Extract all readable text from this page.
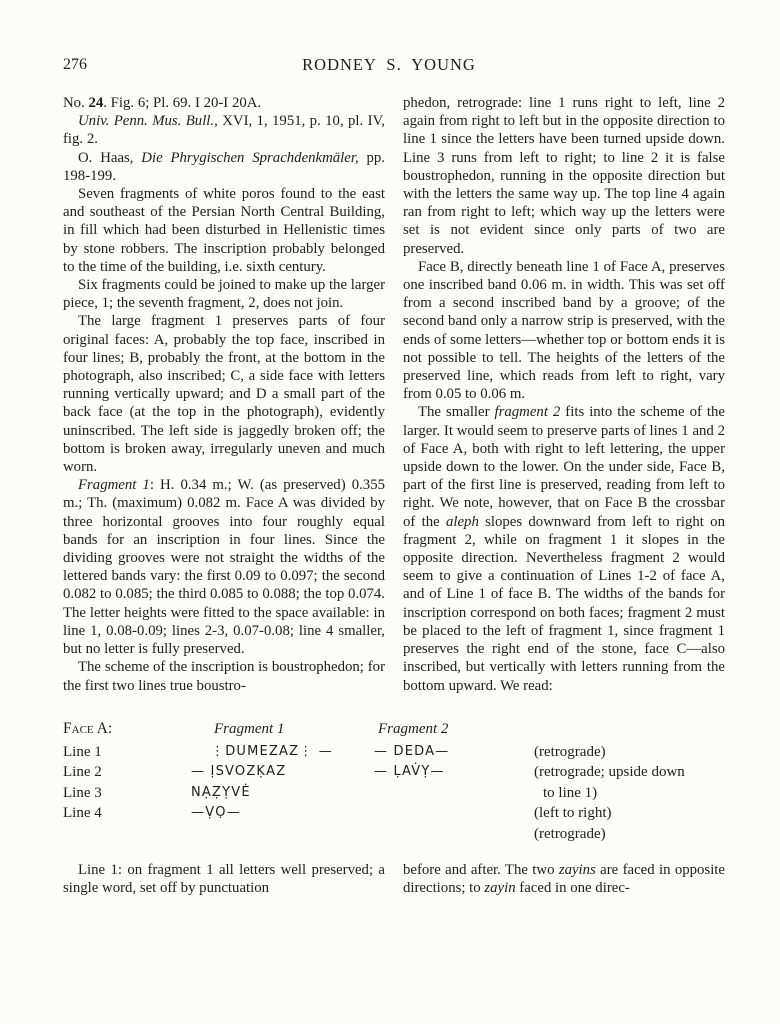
276	RODNEY S. YOUNG

No. 24. Fig. 6; Pl. 69. I 20-I 20A.

Univ. Penn. Mus. Bull., XVI, 1, 1951, p. 10, pl. IV, fig. 2.

O. Haas, Die Phrygischen Sprachdenkmäler, pp. 198-199.

Seven fragments of white poros found to the east and southeast of the Persian North Central Building, in fill which had been disturbed in Hellenistic times by stone robbers. The inscription probably belonged to the time of the building, i.e. sixth century.

Six fragments could be joined to make up the larger piece, 1; the seventh fragment, 2, does not join.

The large fragment 1 preserves parts of four original faces: A, probably the top face, inscribed in four lines; B, probably the front, at the bottom in the photograph, also inscribed; C, a side face with letters running vertically upward; and D a small part of the back face (at the top in the photograph), evidently uninscribed. The left side is jaggedly broken off; the bottom is broken away, irregularly uneven and much worn.

Fragment 1: H. 0.34 m.; W. (as preserved) 0.355 m.; Th. (maximum) 0.082 m. Face A was divided by three horizontal grooves into four roughly equal bands for an inscription in four lines. Since the dividing grooves were not straight the widths of the lettered bands vary: the first 0.09 to 0.097; the second 0.082 to 0.085; the third 0.085 to 0.088; the top 0.074. The letter heights were fitted to the space available: in line 1, 0.08-0.09; lines 2-3, 0.07-0.08; line 4 smaller, but no letter is fully preserved.

The scheme of the inscription is boustrophedon; for the first two lines true boustro-

phedon, retrograde: line 1 runs right to left, line 2 again from right to left but in the opposite direction to line 1 since the letters have been turned upside down. Line 3 runs from left to right; to line 2 it is false boustrophedon, running in the opposite direction but with the letters the same way up. The top line 4 again ran from right to left; which way up the letters were set is not evident since only parts of two are preserved.

Face B, directly beneath line 1 of Face A, preserves one inscribed band 0.06 m. in width. This was set off from a second inscribed band by a groove; of the second band only a narrow strip is preserved, with the ends of some letters—whether top or bottom ends it is not possible to tell. The heights of the letters of the preserved line, which reads from left to right, vary from 0.05 to 0.06 m.

The smaller fragment 2 fits into the scheme of the larger. It would seem to preserve parts of lines 1 and 2 of Face A, both with right to left lettering, the upper upside down to the lower. On the under side, Face B, part of the first line is preserved, reading from left to right. We note, however, that on Face B the crossbar of the aleph slopes downward from left to right on fragment 2, while on fragment 1 it slopes in the opposite direction. Nevertheless fragment 2 would seem to give a continuation of Lines 1-2 of face A, and of Line 1 of face B. The widths of the bands for inscription correspond on both faces; fragment 2 must be placed to the left of fragment 1, since fragment 1 preserves the right end of the stone, face C—also inscribed, but vertically with letters running from the bottom upward. We read:

Face A:
Line 1
Line 2
Line 3
Line 4
Fragment 1
⋮DUMEZAZ⋮ —
— ỊSVOZḲAZ
NẠẒỴVĖ
—ṾỌ—
Fragment 2
— DEDA—
— ḶAV̇Ỵ—
(retrograde)
(retrograde; upside down
to line 1)
(left to right)
(retrograde)

Line 1: on fragment 1 all letters well preserved; a single word, set off by punctuation

before and after. The two zayins are faced in opposite directions; to zayin faced in one direc-
